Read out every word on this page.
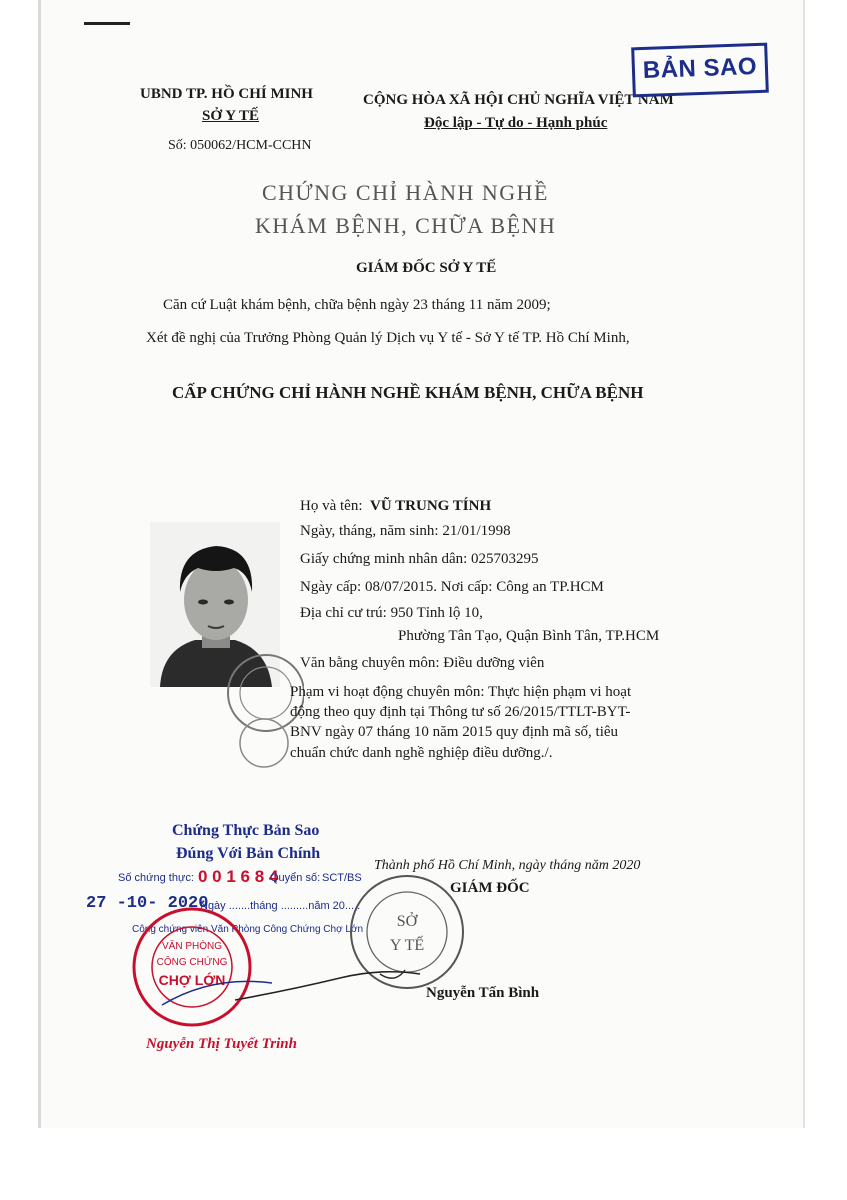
UBND TP. HỒ CHÍ MINH
SỞ Y TẾ
Số: 050062/HCM-CCHN
CỘNG HÒA XÃ HỘI CHỦ NGHĨA VIỆT NAM
Độc lập - Tự do - Hạnh phúc
BẢN SAO
CHỨNG CHỈ HÀNH NGHỀ
KHÁM BỆNH, CHỮA BỆNH
GIÁM ĐỐC SỞ Y TẾ
Căn cứ Luật khám bệnh, chữa bệnh ngày 23 tháng 11 năm 2009;
Xét đề nghị của Trưởng Phòng Quản lý Dịch vụ Y tế - Sở Y tế TP. Hồ Chí Minh,
CẤP CHỨNG CHỈ HÀNH NGHỀ KHÁM BỆNH, CHỮA BỆNH
Họ và tên: VŨ TRUNG TÍNH
Ngày, tháng, năm sinh: 21/01/1998
Giấy chứng minh nhân dân: 025703295
Ngày cấp: 08/07/2015. Nơi cấp: Công an TP.HCM
Địa chỉ cư trú: 950 Tỉnh lộ 10,
Phường Tân Tạo, Quận Bình Tân, TP.HCM
Văn bằng chuyên môn: Điều dưỡng viên
Phạm vi hoạt động chuyên môn: Thực hiện phạm vi hoạt
động theo quy định tại Thông tư số 26/2015/TTLT-BYT-
BNV ngày 07 tháng 10 năm 2015 quy định mã số, tiêu
chuẩn chức danh nghề nghiệp điều dưỡng./.
Chứng Thực Bản Sao
Đúng Với Bản Chính
Số chứng thực: 0 0 1 6 8 4
Quyển số: SCT/BS
27 -10- 2020
Ngày .......tháng .........năm 20.....
Công chứng viên Văn Phòng Công Chứng Chợ Lớn
VĂN PHÒNG
CÔNG CHỨNG
CHỢ LỚN
Nguyễn Thị Tuyết Trinh
Thành phố Hồ Chí Minh, ngày tháng năm 2020
GIÁM ĐỐC
SỞ
Y TẾ
Nguyễn Tấn Bình
